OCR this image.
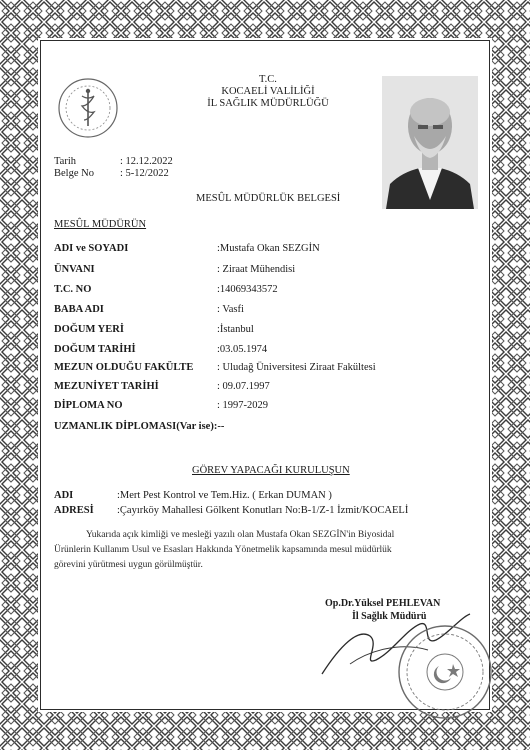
T.C.
KOCAELİ VALİLİĞİ
İL SAĞLIK MÜDÜRLÜĞÜ
Tarih	: 12.12.2022
Belge No : 5-12/2022
MESÛL MÜDÜRLÜK BELGESİ
MESÛL MÜDÜRÜN
ADI ve SOYADI	:Mustafa Okan SEZGİN
ÜNVANI	: Ziraat Mühendisi
T.C. NO	:14069343572
BABA ADI	: Vasfi
DOĞUM YERİ	:İstanbul
DOĞUM TARİHİ	:03.05.1974
MEZUN OLDUĞU FAKÜLTE : Uludağ Üniversitesi Ziraat Fakültesi
MEZUNİYET TARİHİ	: 09.07.1997
DİPLOMA NO	: 1997-2029
UZMANLIK DİPLOMASI(Var ise):--
GÖREV YAPACAĞI KURULUŞUN
ADI	:Mert Pest Kontrol ve Tem.Hiz. ( Erkan DUMAN )
ADRESİ :Çayırköy Mahallesi Gölkent Konutları No:B-1/Z-1 İzmit/KOCAELİ
Yukarıda açık kimliği ve mesleği yazılı olan Mustafa Okan SEZGİN'in Biyosidal
Ürünlerin Kullanım Usul ve Esasları Hakkında Yönetmelik kapsamında mesul müdürlük
görevini yürütmesi uygun görülmüştür.
Op.Dr.Yüksel PEHLEVAN
İl Sağlık Müdürü
